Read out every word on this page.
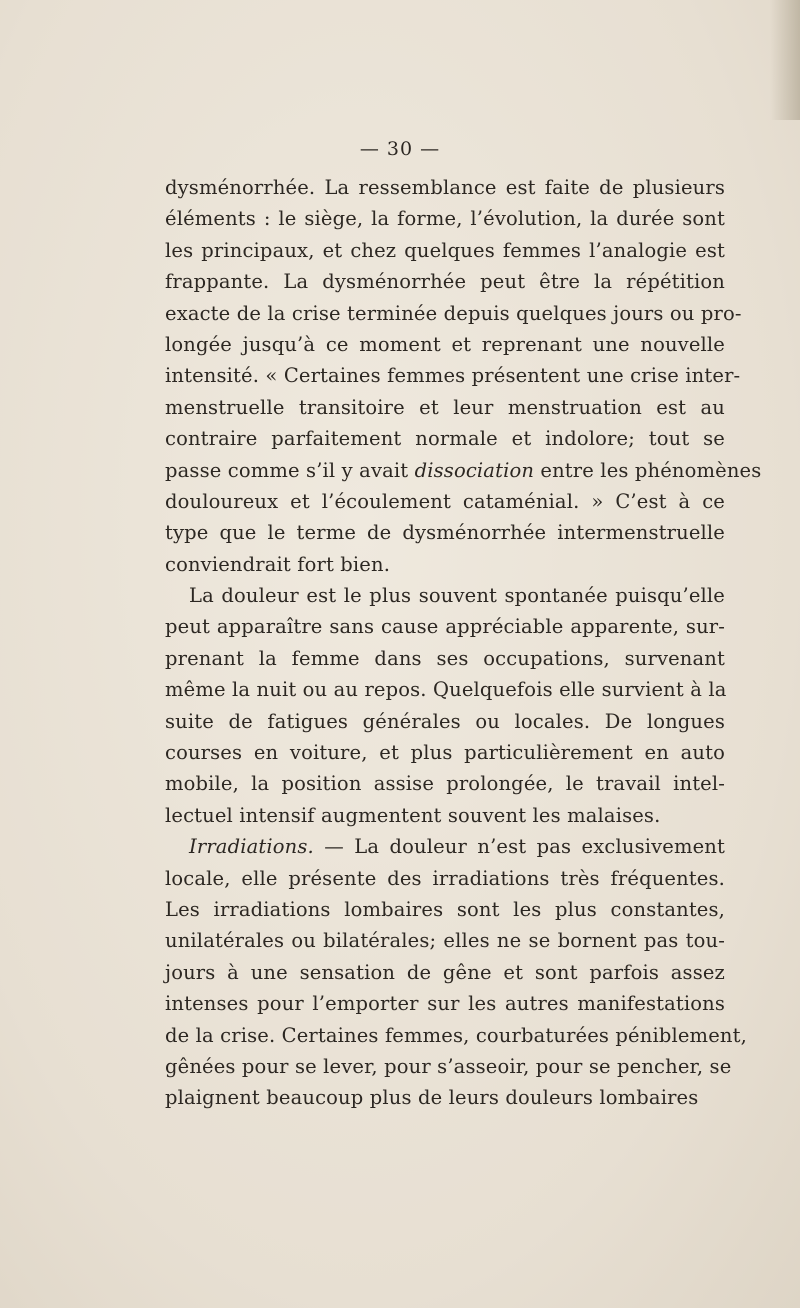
— 30 —
dysménorrhée. La ressemblance est faite de plusieurs
éléments : le siège, la forme, l’évolution, la durée sont
les principaux, et chez quelques femmes l’analogie est
frappante. La dysménorrhée peut être la répétition
exacte de la crise terminée depuis quelques jours ou pro-
longée jusqu’à ce moment et reprenant une nouvelle
intensité. « Certaines femmes présentent une crise inter-
menstruelle transitoire et leur menstruation est au
contraire parfaitement normale et indolore; tout se
passe comme s’il y avait dissociation entre les phénomènes
douloureux et l’écoulement cataménial. » C’est à ce
type que le terme de dysménorrhée intermenstruelle
conviendrait fort bien.
La douleur est le plus souvent spontanée puisqu’elle
peut apparaître sans cause appréciable apparente, sur-
prenant la femme dans ses occupations, survenant
même la nuit ou au repos. Quelquefois elle survient à la
suite de fatigues générales ou locales. De longues
courses en voiture, et plus particulièrement en auto
mobile, la position assise prolongée, le travail intel-
lectuel intensif augmentent souvent les malaises.
Irradiations. — La douleur n’est pas exclusivement
locale, elle présente des irradiations très fréquentes.
Les irradiations lombaires sont les plus constantes,
unilatérales ou bilatérales; elles ne se bornent pas tou-
jours à une sensation de gêne et sont parfois assez
intenses pour l’emporter sur les autres manifestations
de la crise. Certaines femmes, courbaturées péniblement,
gênées pour se lever, pour s’asseoir, pour se pencher, se
plaignent beaucoup plus de leurs douleurs lombaires
